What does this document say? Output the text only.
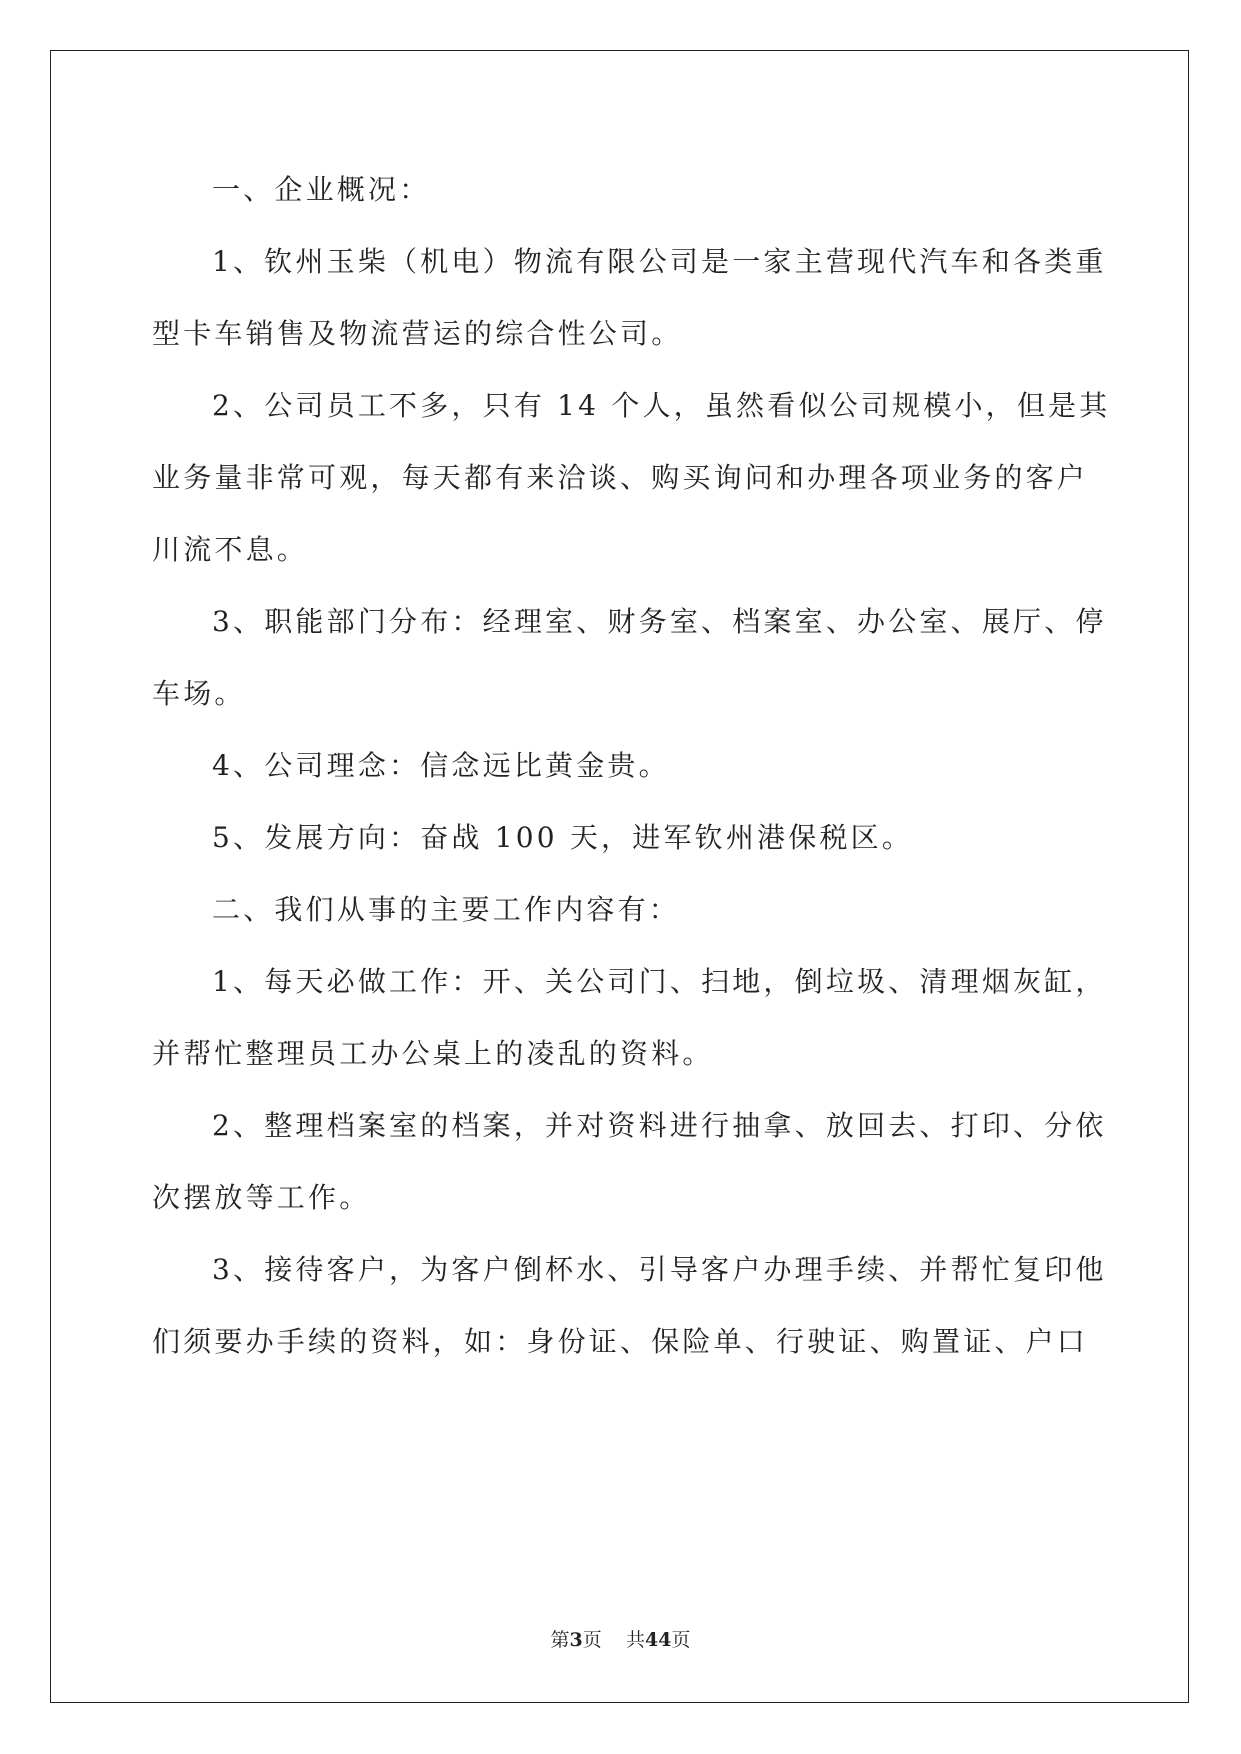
一、企业概况：
1、钦州玉柴（机电）物流有限公司是一家主营现代汽车和各类重
型卡车销售及物流营运的综合性公司。
2、公司员工不多，只有 14 个人，虽然看似公司规模小，但是其
业务量非常可观，每天都有来洽谈、购买询问和办理各项业务的客户
川流不息。
3、职能部门分布：经理室、财务室、档案室、办公室、展厅、停
车场。
4、公司理念：信念远比黄金贵。
5、发展方向：奋战 100 天，进军钦州港保税区。
二、我们从事的主要工作内容有：
1、每天必做工作：开、关公司门、扫地，倒垃圾、清理烟灰缸，
并帮忙整理员工办公桌上的凌乱的资料。
2、整理档案室的档案，并对资料进行抽拿、放回去、打印、分依
次摆放等工作。
3、接待客户，为客户倒杯水、引导客户办理手续、并帮忙复印他
们须要办手续的资料，如：身份证、保险单、行驶证、购置证、户口
第3页 共44页
